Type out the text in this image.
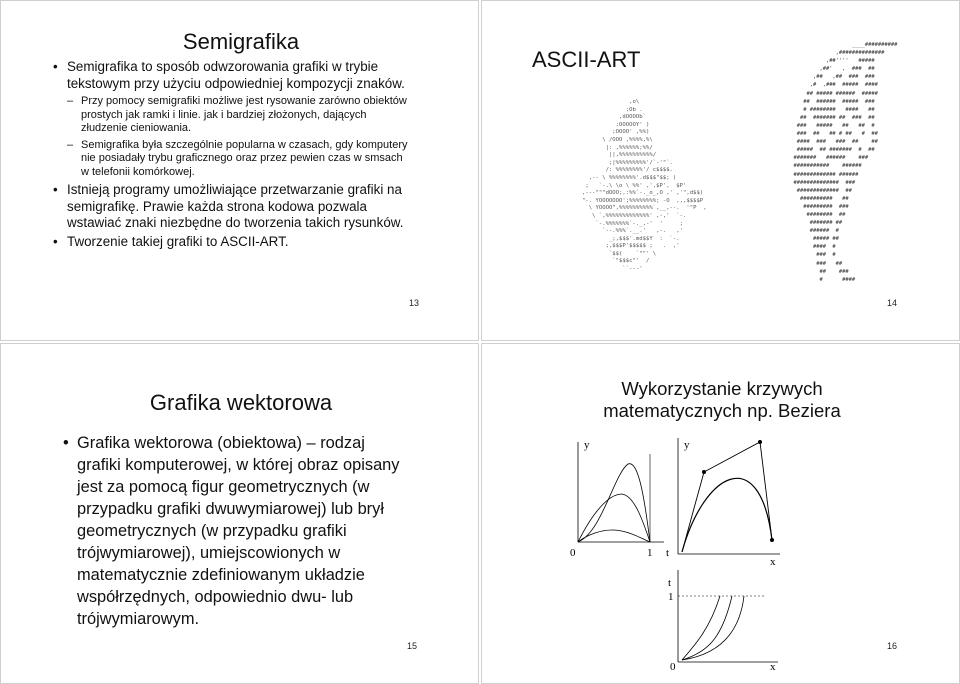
Semigrafika
• Semigrafika to sposób odwzorowania grafiki w trybie tekstowym przy użyciu odpowiedniej kompozycji znaków.
– Przy pomocy semigrafiki możliwe jest rysowanie zarówno obiektów prostych jak ramki i linie. jak i bardziej złożonych, dających złudzenie cieniowania.
– Semigrafika była szczególnie popularna w czasach, gdy komputery nie posiadały trybu graficznego oraz przez pewien czas w smsach w telefonii komórkowej.
• Istnieją programy umożliwiające przetwarzanie grafiki na semigrafikę. Prawie każda strona kodowa pozwala wstawiać znaki niezbędne do tworzenia takich rysunków.
• Tworzenie takiej grafiki to ASCII-ART.
13
ASCII-ART
,o\
;Ob .
,dOOOOb`
;OOOOOY' )
;OOOO' ,%%)
\ /OOO ,%%%%,%\
|: ,%%%%%%;%%/
||,%%%%%%%%%%/
;|%%%%%%%%%'/`-'"`.
/: %%%%%%%%'/ c$$$$.
,-- \ %%%%%%%%'.d$$$"$$; )
;   `-.\ \o \ %%' ,',$P',  $P'
,---"""dOOO;,:%%`-._o_,O ,' ,'",d$$)
"-. YOOOOOOO';%%%%%%%%; -O  ,,,$$$$P
\ YOOOO",%%%%%%%%%%`,__,--.  '"P  ,
\ `,%%%%%%%%%%%%%' ,-,'  `-.
`-.%%%%%%%`-._,-'  '     ;
`--.%%%`.__.'   ,-.   ,'
_;,$$$'.md$$Y  :  `-.
;,$$$P'$$$$$ ;   .  ,'
`$$(    `""' \
`"$$$c"'  /
``---'
____##########
,##############
,##''''   #####
,##'   ,  ###  ##
,##   ,##  ###  ###
,#  ,###  #####  ####
## ##### ######  #####
##  ######  #####  ###
# ########   ####   ##
##  ####### ##  ###  ##
###   #####   ##   ##  #
###  ##   ## # ##   #  ##
####  ###   ###  ##    ##
#####  ## #######  #  ##
#######   ######    ###
###########    ######
############# ######
##############  ###
#############  ##
##########   ##
#########  ###
########  ##
####### ##
######  #
##### ##
####  #
###  #
###   ##
##    ###
#      ####
14
Grafika wektorowa
• Grafika wektorowa (obiektowa) – rodzaj grafiki komputerowej, w której obraz opisany jest za pomocą figur geometrycznych (w przypadku grafiki dwuwymiarowej) lub brył geometrycznych (w przypadku grafiki trójwymiarowej), umiejscowionych w matematycznie zdefiniowanym układzie współrzędnych, odpowiednio dwu- lub trójwymiarowym.
15
Wykorzystanie krzywych matematycznych np. Beziera
y
0	1 t
y
x
1
t
0	x
16
